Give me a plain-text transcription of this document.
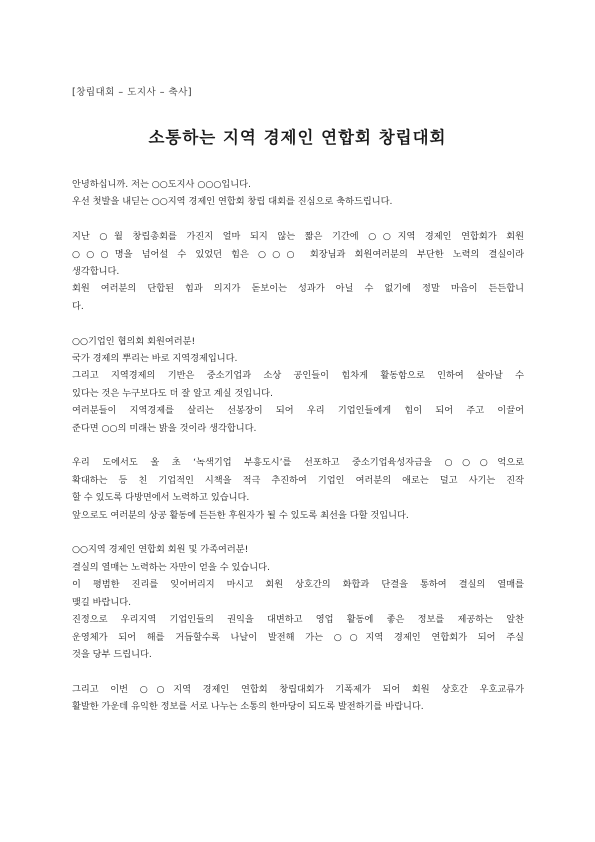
[창립대회 – 도지사 – 축사]
소통하는 지역 경제인 연합회 창립대회

안녕하십니까. 저는 ○○도지사 ○○○입니다.

우선 첫발을 내딛는 ○○지역 경제인 연합회 창립 대회를 진심으로 축하드립니다.

지난 ○월 창립총회를 가진지 얼마 되지 않는 짧은 기간에 ○○지역 경제인 연합회가 회원

○○○명을 넘어설 수 있었던 힘은 ○○○ 회장님과 회원여러분의 부단한 노력의 결실이라

생각합니다.

회원 여러분의 단합된 힘과 의지가 돋보이는 성과가 아닐 수 없기에 정말 마음이 든든합니

다.

○○기업인 협의회 회원여러분!

국가 경제의 뿌리는 바로 지역경제입니다.

그리고 지역경제의 기반은 중소기업과 소상 공인들이 힘차게 활동함으로 인하여 살아날 수

있다는 것은 누구보다도 더 잘 알고 계실 것입니다.

여러분들이 지역경제를 살리는 선봉장이 되어 우리 기업인들에게 힘이 되어 주고 이끌어

준다면 ○○의 미래는 밝을 것이라 생각합니다.

우리 도에서도 올 초 ‘녹색기업 부흥도시’를 선포하고 중소기업육성자금을 ○○○억으로

확대하는 등 친 기업적인 시책을 적극 추진하여 기업인 여러분의 애로는 덜고 사기는 진작

할 수 있도록 다방면에서 노력하고 있습니다.

앞으로도 여러분의 상공 활동에 든든한 후원자가 될 수 있도록 최선을 다할 것입니다.

○○지역 경제인 연합회 회원 및 가족여러분!

결실의 열매는 노력하는 자만이 얻을 수 있습니다.

이 평범한 진리를 잊어버리지 마시고 회원 상호간의 화합과 단결을 통하여 결실의 열매를

맺길 바랍니다.

진정으로 우리지역 기업인들의 권익을 대변하고 영업 활동에 좋은 정보를 제공하는 알찬

운영체가 되어 해를 거듭할수록 나날이 발전해 가는 ○○지역 경제인 연합회가 되어 주실

것을 당부 드립니다.

그리고 이번 ○○지역 경제인 연합회 창립대회가 기폭제가 되어 회원 상호간 우호교류가

활발한 가운데 유익한 정보를 서로 나누는 소통의 한마당이 되도록 발전하기를 바랍니다.
